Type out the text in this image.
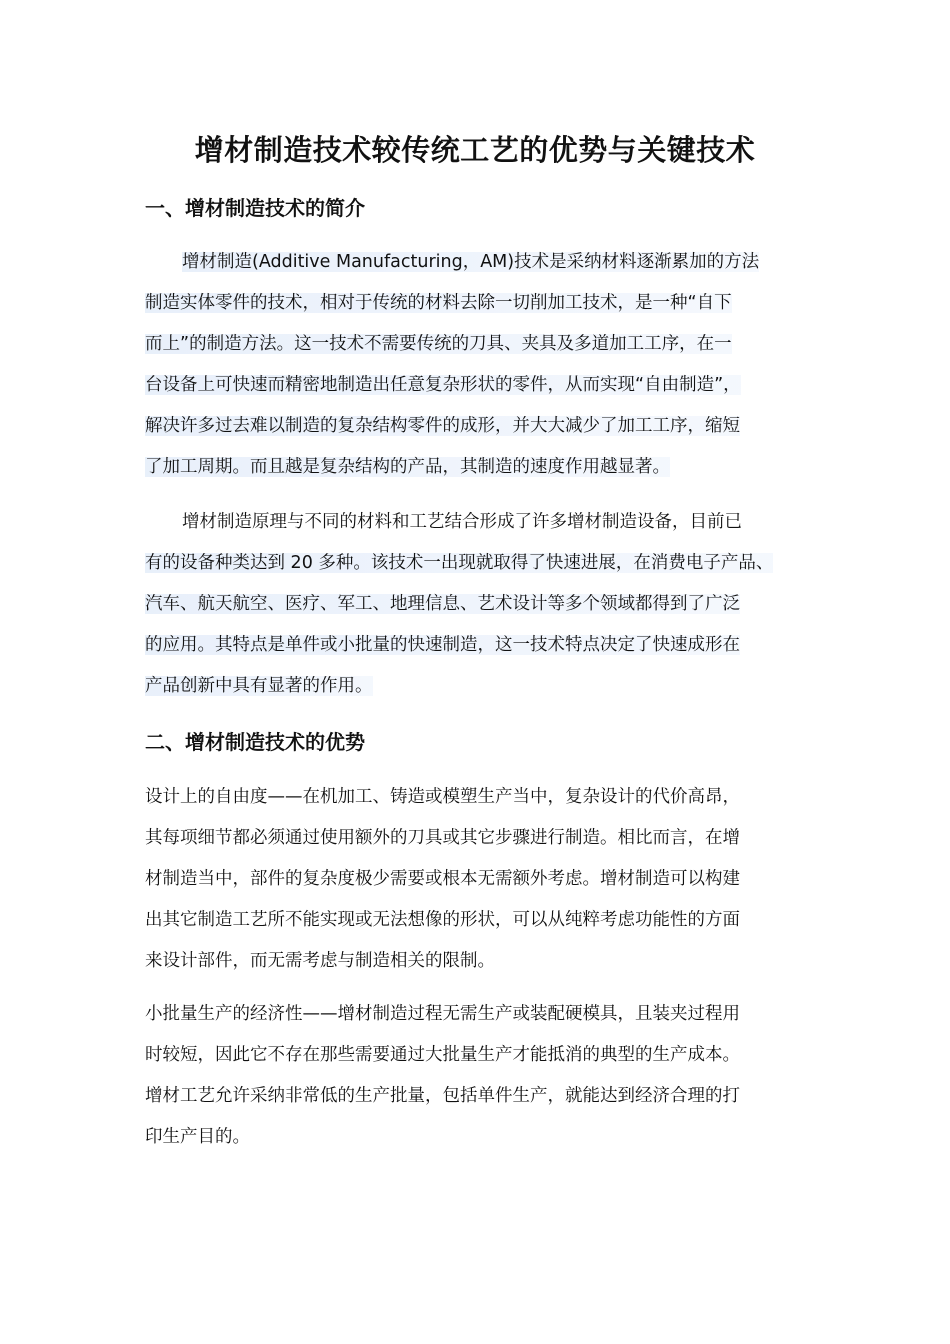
增材制造技术较传统工艺的优势与关键技术
一、增材制造技术的简介
增材制造(Additive Manufacturing，AM)技术是采纳材料逐渐累加的方法
制造实体零件的技术，相对于传统的材料去除一切削加工技术，是一种“自下
而上”的制造方法。这一技术不需要传统的刀具、夹具及多道加工工序，在一
台设备上可快速而精密地制造出任意复杂形状的零件，从而实现“自由制造”，
解决许多过去难以制造的复杂结构零件的成形，并大大减少了加工工序，缩短
了加工周期。而且越是复杂结构的产品，其制造的速度作用越显著。
增材制造原理与不同的材料和工艺结合形成了许多增材制造设备，目前已
有的设备种类达到 20 多种。该技术一出现就取得了快速进展，在消费电子产品、
汽车、航天航空、医疗、军工、地理信息、艺术设计等多个领域都得到了广泛
的应用。其特点是单件或小批量的快速制造，这一技术特点决定了快速成形在
产品创新中具有显著的作用。
二、增材制造技术的优势
设计上的自由度——在机加工、铸造或模塑生产当中，复杂设计的代价高昂，
其每项细节都必须通过使用额外的刀具或其它步骤进行制造。相比而言，在增
材制造当中，部件的复杂度极少需要或根本无需额外考虑。增材制造可以构建
出其它制造工艺所不能实现或无法想像的形状，可以从纯粹考虑功能性的方面
来设计部件，而无需考虑与制造相关的限制。
小批量生产的经济性——增材制造过程无需生产或装配硬模具，且装夹过程用
时较短，因此它不存在那些需要通过大批量生产才能抵消的典型的生产成本。
增材工艺允许采纳非常低的生产批量，包括单件生产，就能达到经济合理的打
印生产目的。
